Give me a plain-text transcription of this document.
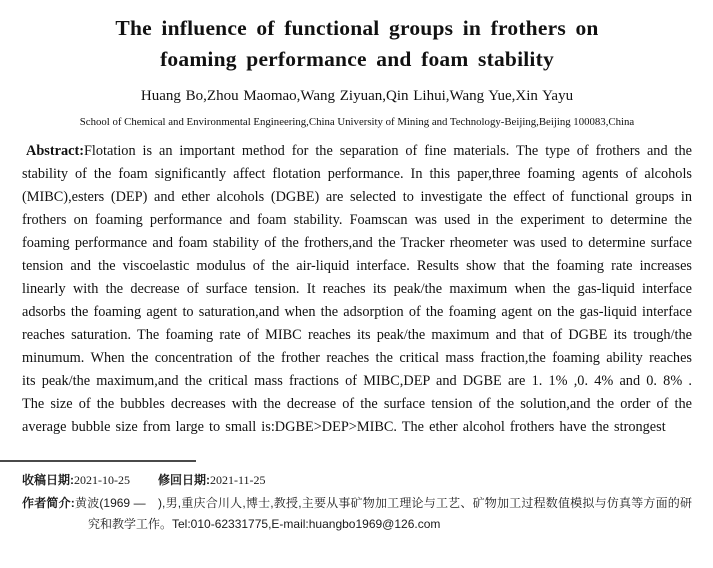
The influence of functional groups in frothers on
foaming performance and foam stability

Huang Bo,Zhou Maomao,Wang Ziyuan,Qin Lihui,Wang Yue,Xin Yayu

School of Chemical and Environmental Engineering,China University of Mining and Technology-Beijing,Beijing 100083,China

Abstract:Flotation is an important method for the separation of fine materials. The type of frothers and the stability of the foam significantly affect flotation performance. In this paper,three foaming agents of alcohols (MIBC),esters (DEP) and ether alcohols (DGBE) are selected to investigate the effect of functional groups in frothers on foaming performance and foam stability. Foamscan was used in the experiment to determine the foaming performance and foam stability of the frothers,and the Tracker rheometer was used to determine surface tension and the viscoelastic modulus of the air-liquid interface. Results show that the foaming rate increases linearly with the decrease of surface tension. It reaches its peak/the maximum when the gas-liquid interface adsorbs the foaming agent to saturation,and when the adsorption of the foaming agent on the gas-liquid interface reaches saturation. The foaming rate of MIBC reaches its peak/the maximum and that of DGBE its trough/the minumum. When the concentration of the frother reaches the critical mass fraction,the foaming ability reaches its peak/the maximum,and the critical mass fractions of MIBC,DEP and DGBE are 1. 1% ,0. 4% and 0. 8% . The size of the bubbles decreases with the decrease of the surface tension of the solution,and the order of the average bubble size from large to small is:DGBE>DEP>MIBC. The ether alcohol frothers have the strongest

收稿日期:2021-10-25 修回日期:2021-11-25

作者简介:黄波(1969 —　),男,重庆合川人,博士,教授,主要从事矿物加工理论与工艺、矿物加工过程数值模拟与仿真等方面的研究和教学工作。Tel:010-62331775,E-mail:huangbo1969@126.com
